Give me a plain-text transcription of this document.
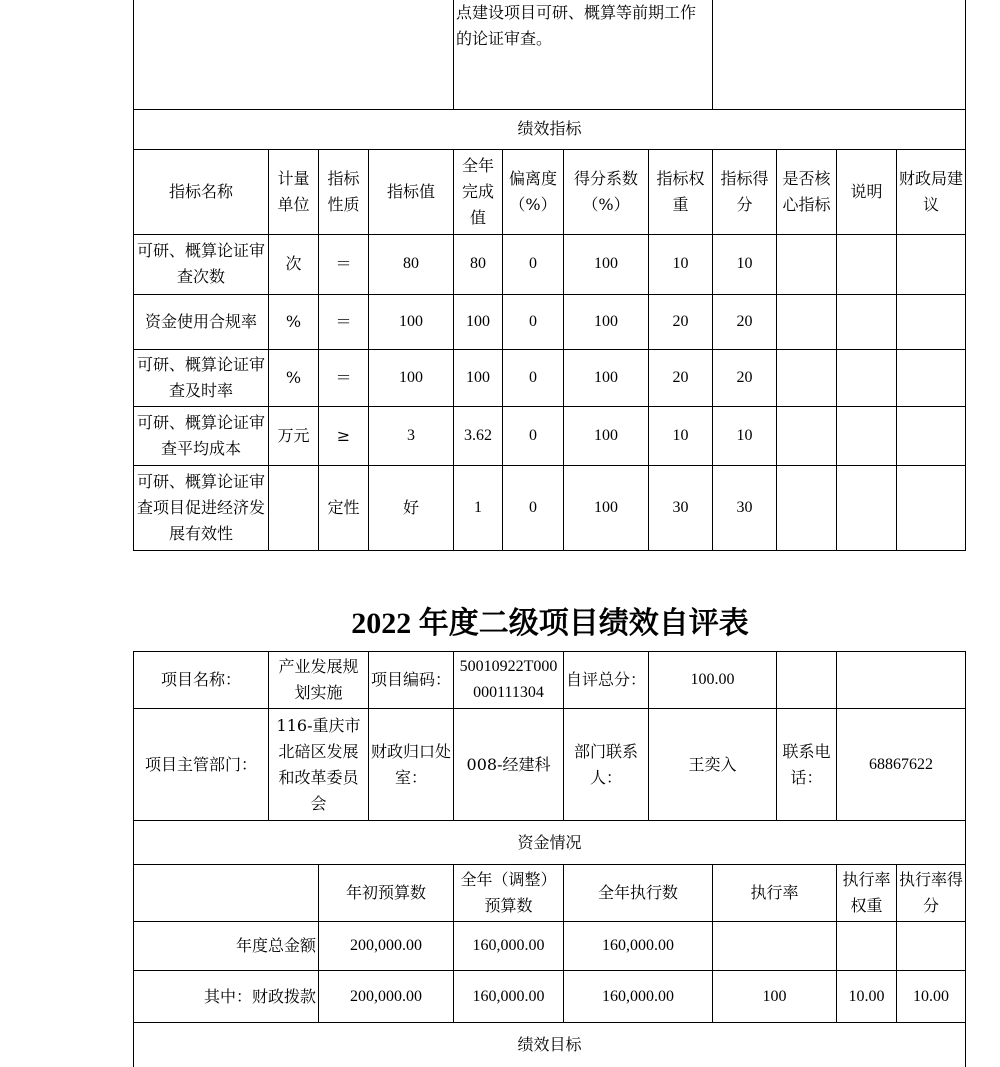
				点建设项目可研、概算等前期工作的论证审查。							
绩效指标											
指标名称	计量单位	指标性质	指标值	全年完成值	偏离度（%）	得分系数（%）	指标权重	指标得分	是否核心指标	说明	财政局建议
可研、概算论证审查次数	次	＝	80	80	0	100	10	10			
资金使用合规率	%	＝	100	100	0	100	20	20			
可研、概算论证审查及时率	%	＝	100	100	0	100	20	20			
可研、概算论证审查平均成本	万元	≥	3	3.62	0	100	10	10			
可研、概算论证审查项目促进经济发展有效性		定性	好	1	0	100	30	30			
2022 年度二级项目绩效自评表
项目名称：	产业发展规划实施		项目编码：	50010922T000000111304	自评总分：	100.00				
项目主管部门：	116-重庆市北碚区发展和改革委员会		财政归口处室：	008-经建科	部门联系人：	王奕入		联系电话：	68867622	
资金情况										
		年初预算数		全年（调整）预算数	全年执行数		执行率		执行率权重	执行率得分
年度总金额		200,000.00		160,000.00	160,000.00					
其中：财政拨款		200,000.00		160,000.00	160,000.00		100		10.00	10.00
绩效目标										
